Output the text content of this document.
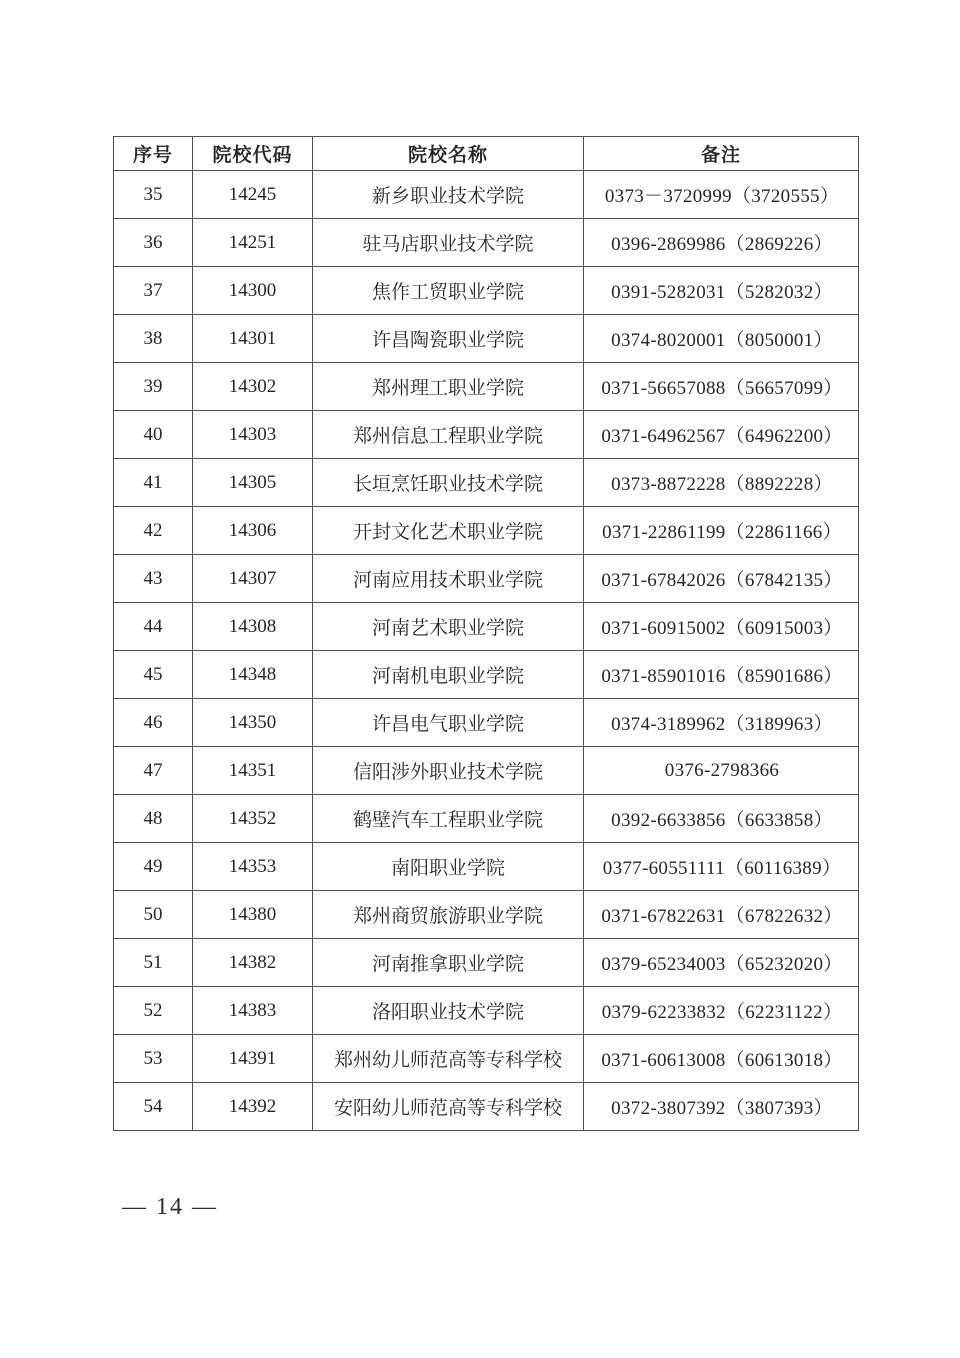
序号	院校代码	院校名称	备注
35	14245	新乡职业技术学院	0373－3720999（3720555）
36	14251	驻马店职业技术学院	0396-2869986（2869226）
37	14300	焦作工贸职业学院	0391-5282031（5282032）
38	14301	许昌陶瓷职业学院	0374-8020001（8050001）
39	14302	郑州理工职业学院	0371-56657088（56657099）
40	14303	郑州信息工程职业学院	0371-64962567（64962200）
41	14305	长垣烹饪职业技术学院	0373-8872228（8892228）
42	14306	开封文化艺术职业学院	0371-22861199（22861166）
43	14307	河南应用技术职业学院	0371-67842026（67842135）
44	14308	河南艺术职业学院	0371-60915002（60915003）
45	14348	河南机电职业学院	0371-85901016（85901686）
46	14350	许昌电气职业学院	0374-3189962（3189963）
47	14351	信阳涉外职业技术学院	0376-2798366
48	14352	鹤壁汽车工程职业学院	0392-6633856（6633858）
49	14353	南阳职业学院	0377-60551111（60116389）
50	14380	郑州商贸旅游职业学院	0371-67822631（67822632）
51	14382	河南推拿职业学院	0379-65234003（65232020）
52	14383	洛阳职业技术学院	0379-62233832（62231122）
53	14391	郑州幼儿师范高等专科学校	0371-60613008（60613018）
54	14392	安阳幼儿师范高等专科学校	0372-3807392（3807393）
— 14 —
